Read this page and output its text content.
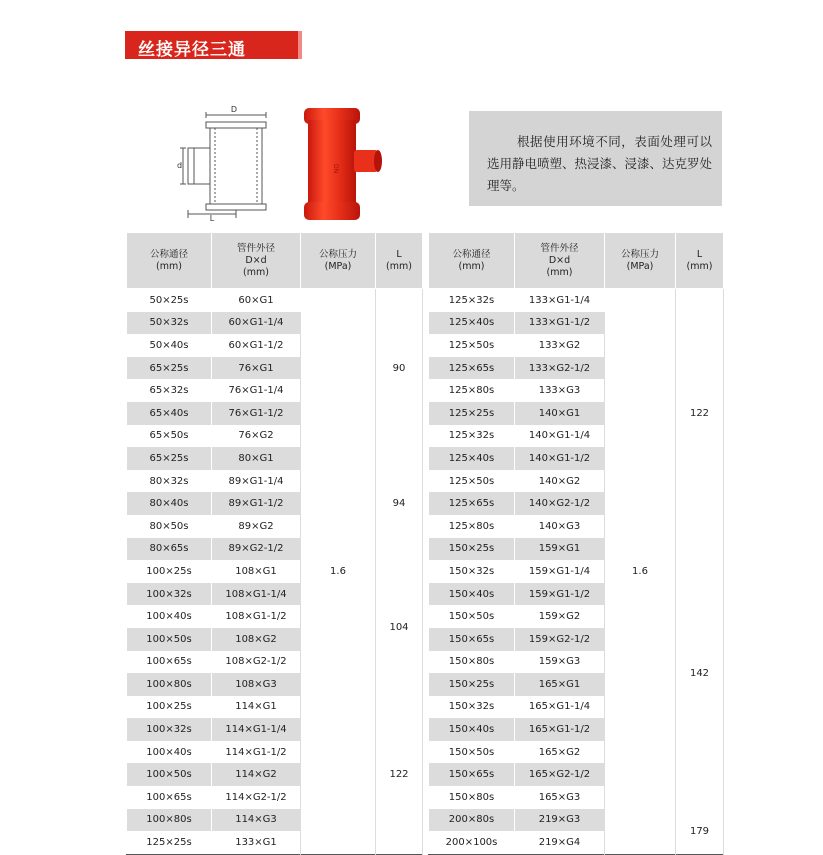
丝接异径三通
D
d
L
DN
根据使用环境不同，表面处理可以选用静电喷塑、热浸漆、浸漆、达克罗处理等。
公称通径
(mm)	管件外径
D×d
(mm)	公称压力
(MPa)	L
(mm)
50×25s	60×G1	1.6	90
50×32s	60×G1-1/4		
50×40s	60×G1-1/2		
65×25s	76×G1		
65×32s	76×G1-1/4		
65×40s	76×G1-1/2		
65×50s	76×G2		
65×25s	80×G1		94
80×32s	89×G1-1/4		
80×40s	89×G1-1/2		
80×50s	89×G2		
80×65s	89×G2-1/2		
100×25s	108×G1		104
100×32s	108×G1-1/4		
100×40s	108×G1-1/2		
100×50s	108×G2		
100×65s	108×G2-1/2		
100×80s	108×G3		
100×25s	114×G1		122
100×32s	114×G1-1/4		
100×40s	114×G1-1/2		
100×50s	114×G2		
100×65s	114×G2-1/2		
100×80s	114×G3		
125×25s	133×G1		
公称通径
(mm)	管件外径
D×d
(mm)	公称压力
(MPa)	L
(mm)
125×32s	133×G1-1/4	1.6	122
125×40s	133×G1-1/2		
125×50s	133×G2		
125×65s	133×G2-1/2		
125×80s	133×G3		
125×25s	140×G1		
125×32s	140×G1-1/4		
125×40s	140×G1-1/2		
125×50s	140×G2		
125×65s	140×G2-1/2		
125×80s	140×G3		
150×25s	159×G1		142
150×32s	159×G1-1/4		
150×40s	159×G1-1/2		
150×50s	159×G2		
150×65s	159×G2-1/2		
150×80s	159×G3		
150×25s	165×G1		
150×32s	165×G1-1/4		
150×40s	165×G1-1/2		
150×50s	165×G2		
150×65s	165×G2-1/2		
150×80s	165×G3		
200×80s	219×G3		179
200×100s	219×G4		
